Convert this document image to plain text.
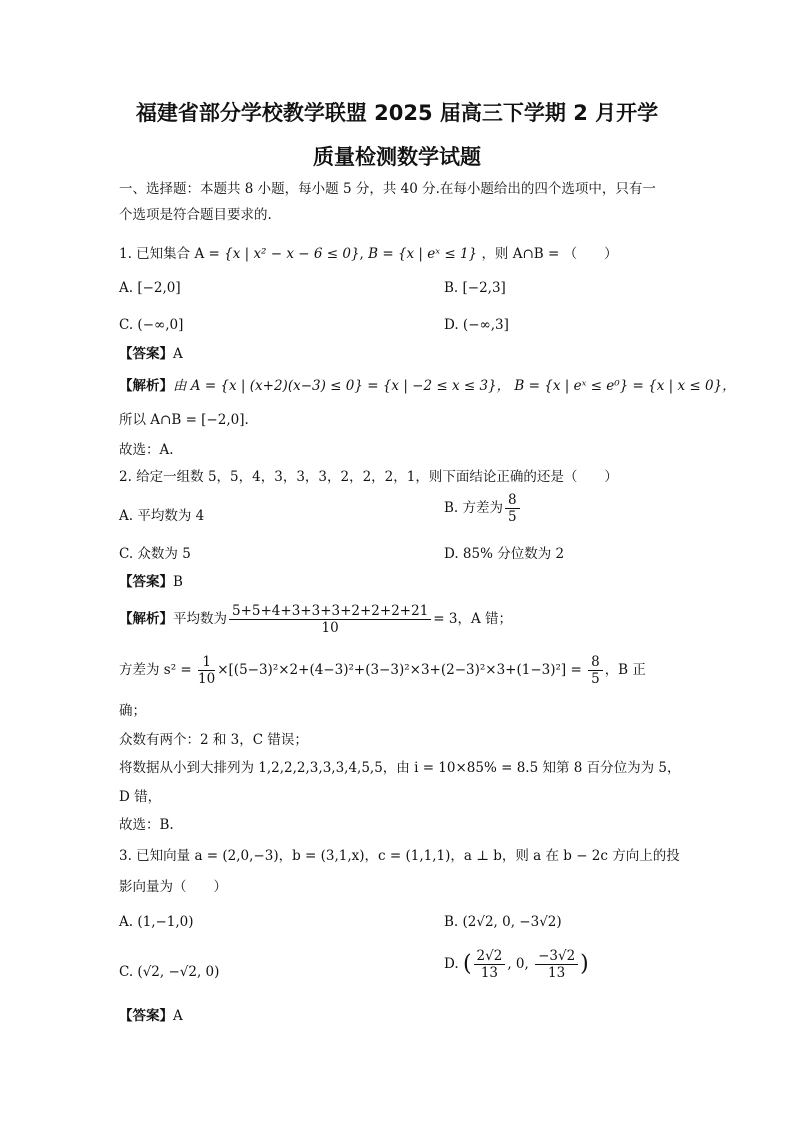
福建省部分学校教学联盟 2025 届高三下学期 2 月开学
质量检测数学试题
一、选择题：本题共 8 小题，每小题 5 分，共 40 分.在每小题给出的四个选项中，只有一
个选项是符合题目要求的.
1. 已知集合 A = {x | x² − x − 6 ≤ 0}, B = {x | eˣ ≤ 1} ，则 A∩B = （　　）
A. [−2,0]	B. [−2,3]
C. (−∞,0]	D. (−∞,3]
【答案】A
【解析】由 A = {x | (x+2)(x−3) ≤ 0} = {x | −2 ≤ x ≤ 3}， B = {x | eˣ ≤ e⁰} = {x | x ≤ 0}，
所以 A∩B = [−2,0].
故选：A.
2. 给定一组数 5，5，4，3，3，3，2，2，2，1，则下面结论正确的还是（　　）
A. 平均数为 4	B. 方差为 $\frac{8}{5}$
C. 众数为 5	D. 85% 分位数为 2
【答案】B
【解析】平均数为 $\frac{5+5+4+3+3+3+2+2+2+21}{10} = 3$，A 错；
方差为 $s^2 = \frac{1}{10} \times[(5-3)^2\times 2+(4-3)^2+(3-3)^2\times 3+(2-3)^2\times 3+(1-3)^2] = \frac{8}{5}$ ，B 正
确；
众数有两个：2 和 3，C 错误；
将数据从小到大排列为 1,2,2,2,3,3,3,4,5,5，由 i = 10×85% = 8.5 知第 8 百分位为为 5，
D 错，
故选：B.
3. 已知向量 a = (2,0,−3)，b = (3,1,x)，c = (1,1,1)，a ⊥ b，则 a 在 b − 2c 方向上的投
影向量为（　　）
A. (1,−1,0)	B. (2√2, 0, −3√2)
C. (√2, −√2, 0)	D. ( $\frac{2√2}{13}$ , 0, $\frac{-3√2}{13}$ )
【答案】A
